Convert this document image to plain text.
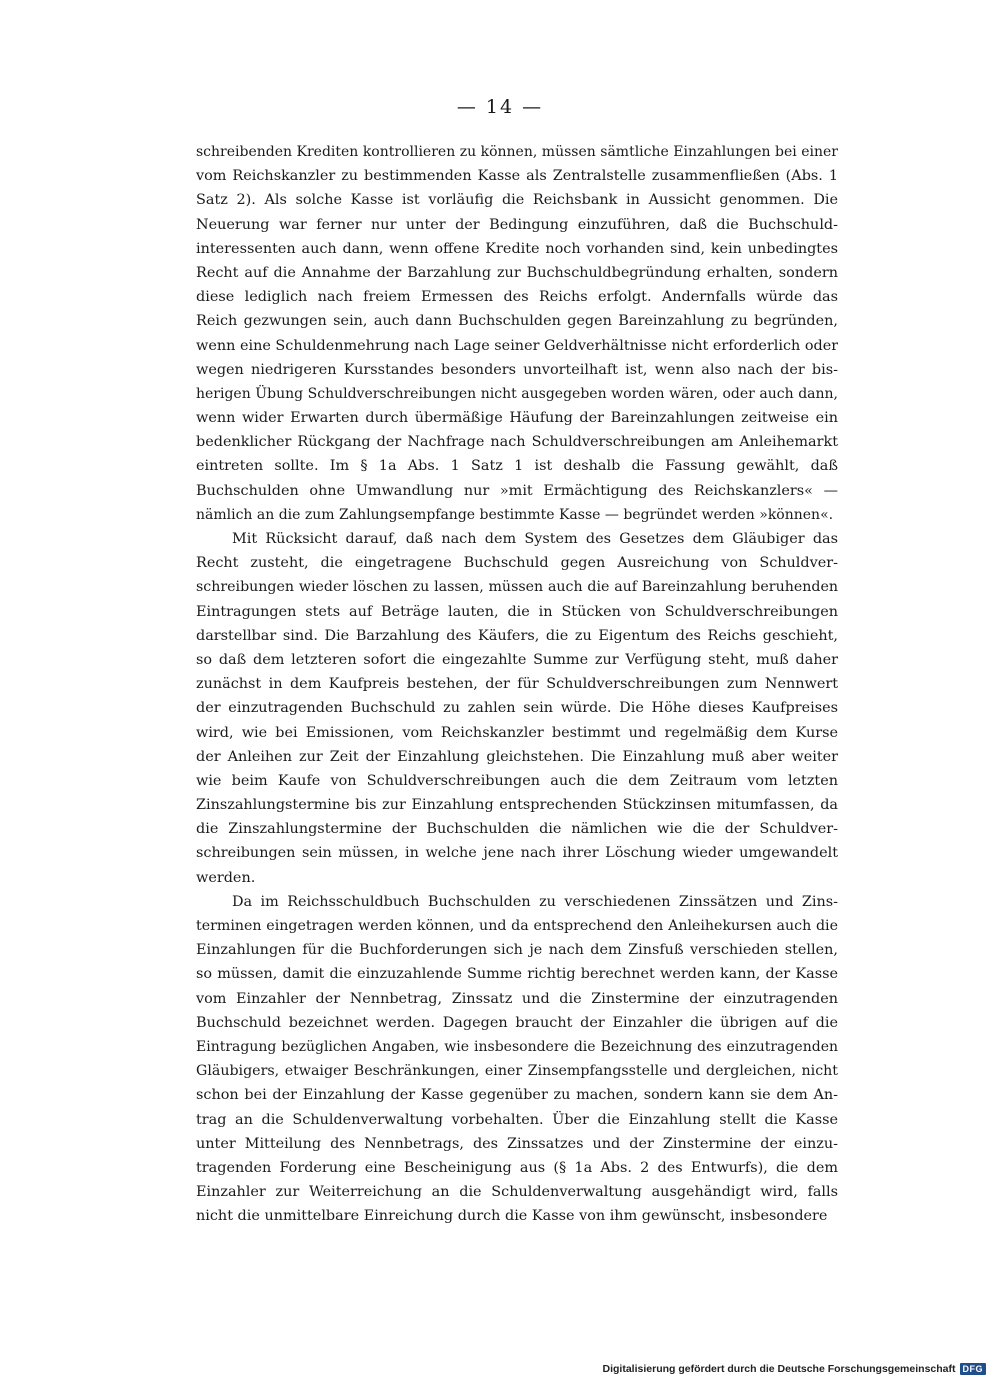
— 14 —
schreibenden Krediten kontrollieren zu können, müssen sämtliche Einzahlungen bei einer
vom Reichskanzler zu bestimmenden Kasse als Zentralstelle zusammenfließen (Abs. 1
Satz 2). Als solche Kasse ist vorläufig die Reichsbank in Aussicht genommen. Die
Neuerung war ferner nur unter der Bedingung einzuführen, daß die Buchschuld-
interessenten auch dann, wenn offene Kredite noch vorhanden sind, kein unbedingtes
Recht auf die Annahme der Barzahlung zur Buchschuldbegründung erhalten, sondern
diese lediglich nach freiem Ermessen des Reichs erfolgt. Andernfalls würde das
Reich gezwungen sein, auch dann Buchschulden gegen Bareinzahlung zu begründen,
wenn eine Schuldenmehrung nach Lage seiner Geldverhältnisse nicht erforderlich oder
wegen niedrigeren Kursstandes besonders unvorteilhaft ist, wenn also nach der bis-
herigen Übung Schuldverschreibungen nicht ausgegeben worden wären, oder auch dann,
wenn wider Erwarten durch übermäßige Häufung der Bareinzahlungen zeitweise ein
bedenklicher Rückgang der Nachfrage nach Schuldverschreibungen am Anleihemarkt
eintreten sollte. Im § 1a Abs. 1 Satz 1 ist deshalb die Fassung gewählt, daß
Buchschulden ohne Umwandlung nur »mit Ermächtigung des Reichskanzlers« —
nämlich an die zum Zahlungsempfange bestimmte Kasse — begründet werden »können«.
Mit Rücksicht darauf, daß nach dem System des Gesetzes dem Gläubiger das
Recht zusteht, die eingetragene Buchschuld gegen Ausreichung von Schuldver-
schreibungen wieder löschen zu lassen, müssen auch die auf Bareinzahlung beruhenden
Eintragungen stets auf Beträge lauten, die in Stücken von Schuldverschreibungen
darstellbar sind. Die Barzahlung des Käufers, die zu Eigentum des Reichs geschieht,
so daß dem letzteren sofort die eingezahlte Summe zur Verfügung steht, muß daher
zunächst in dem Kaufpreis bestehen, der für Schuldverschreibungen zum Nennwert
der einzutragenden Buchschuld zu zahlen sein würde. Die Höhe dieses Kaufpreises
wird, wie bei Emissionen, vom Reichskanzler bestimmt und regelmäßig dem Kurse
der Anleihen zur Zeit der Einzahlung gleichstehen. Die Einzahlung muß aber weiter
wie beim Kaufe von Schuldverschreibungen auch die dem Zeitraum vom letzten
Zinszahlungstermine bis zur Einzahlung entsprechenden Stückzinsen mitumfassen, da
die Zinszahlungstermine der Buchschulden die nämlichen wie die der Schuldver-
schreibungen sein müssen, in welche jene nach ihrer Löschung wieder umgewandelt
werden.
Da im Reichsschuldbuch Buchschulden zu verschiedenen Zinssätzen und Zins-
terminen eingetragen werden können, und da entsprechend den Anleihekursen auch die
Einzahlungen für die Buchforderungen sich je nach dem Zinsfuß verschieden stellen,
so müssen, damit die einzuzahlende Summe richtig berechnet werden kann, der Kasse
vom Einzahler der Nennbetrag, Zinssatz und die Zinstermine der einzutragenden
Buchschuld bezeichnet werden. Dagegen braucht der Einzahler die übrigen auf die
Eintragung bezüglichen Angaben, wie insbesondere die Bezeichnung des einzutragenden
Gläubigers, etwaiger Beschränkungen, einer Zinsempfangsstelle und dergleichen, nicht
schon bei der Einzahlung der Kasse gegenüber zu machen, sondern kann sie dem An-
trag an die Schuldenverwaltung vorbehalten. Über die Einzahlung stellt die Kasse
unter Mitteilung des Nennbetrags, des Zinssatzes und der Zinstermine der einzu-
tragenden Forderung eine Bescheinigung aus (§ 1a Abs. 2 des Entwurfs), die dem
Einzahler zur Weiterreichung an die Schuldenverwaltung ausgehändigt wird, falls
nicht die unmittelbare Einreichung durch die Kasse von ihm gewünscht, insbesondere
Digitalisierung gefördert durch die Deutsche Forschungsgemeinschaft DFG
